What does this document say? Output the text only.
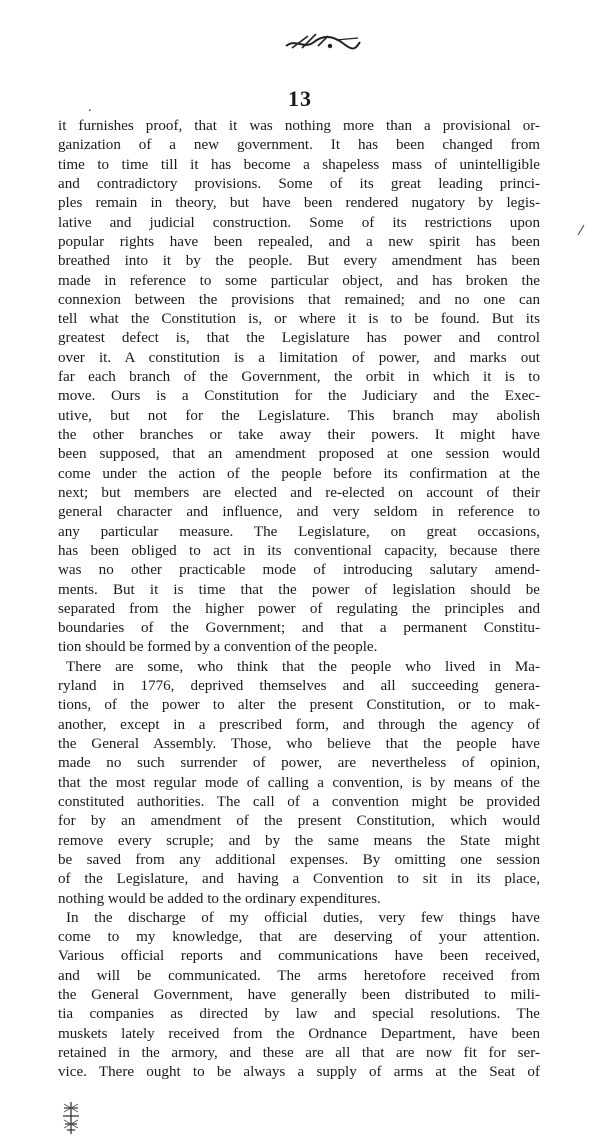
.	13
it furnishes proof, that it was nothing more than a provisional or-
ganization of a new government. It has been changed from
time to time till it has become a shapeless mass of unintelligible
and contradictory provisions. Some of its great leading princi-
ples remain in theory, but have been rendered nugatory by legis-
lative and judicial construction. Some of its restrictions upon
popular rights have been repealed, and a new spirit has been
breathed into it by the people. But every amendment has been
made in reference to some particular object, and has broken the
connexion between the provisions that remained; and no one can
tell what the Constitution is, or where it is to be found. But its
greatest defect is, that the Legislature has power and control
over it. A constitution is a limitation of power, and marks out
far each branch of the Government, the orbit in which it is to
move. Ours is a Constitution for the Judiciary and the Exec-
utive, but not for the Legislature. This branch may abolish
the other branches or take away their powers. It might have
been supposed, that an amendment proposed at one session would
come under the action of the people before its confirmation at the
next; but members are elected and re-elected on account of their
general character and influence, and very seldom in reference to
any particular measure. The Legislature, on great occasions,
has been obliged to act in its conventional capacity, because there
was no other practicable mode of introducing salutary amend-
ments. But it is time that the power of legislation should be
separated from the higher power of regulating the principles and
boundaries of the Government; and that a permanent Constitu-
tion should be formed by a convention of the people.
There are some, who think that the people who lived in Ma-
ryland in 1776, deprived themselves and all succeeding genera-
tions, of the power to alter the present Constitution, or to mak-
another, except in a prescribed form, and through the agency of
the General Assembly. Those, who believe that the people have
made no such surrender of power, are nevertheless of opinion,
that the most regular mode of calling a convention, is by means of the
constituted authorities. The call of a convention might be provided
for by an amendment of the present Constitution, which would
remove every scruple; and by the same means the State might
be saved from any additional expenses. By omitting one session
of the Legislature, and having a Convention to sit in its place,
nothing would be added to the ordinary expenditures.
In the discharge of my official duties, very few things have
come to my knowledge, that are deserving of your attention.
Various official reports and communications have been received,
and will be communicated. The arms heretofore received from
the General Government, have generally been distributed to mili-
tia companies as directed by law and special resolutions. The
muskets lately received from the Ordnance Department, have been
retained in the armory, and these are all that are now fit for ser-
vice. There ought to be always a supply of arms at the Seat of
